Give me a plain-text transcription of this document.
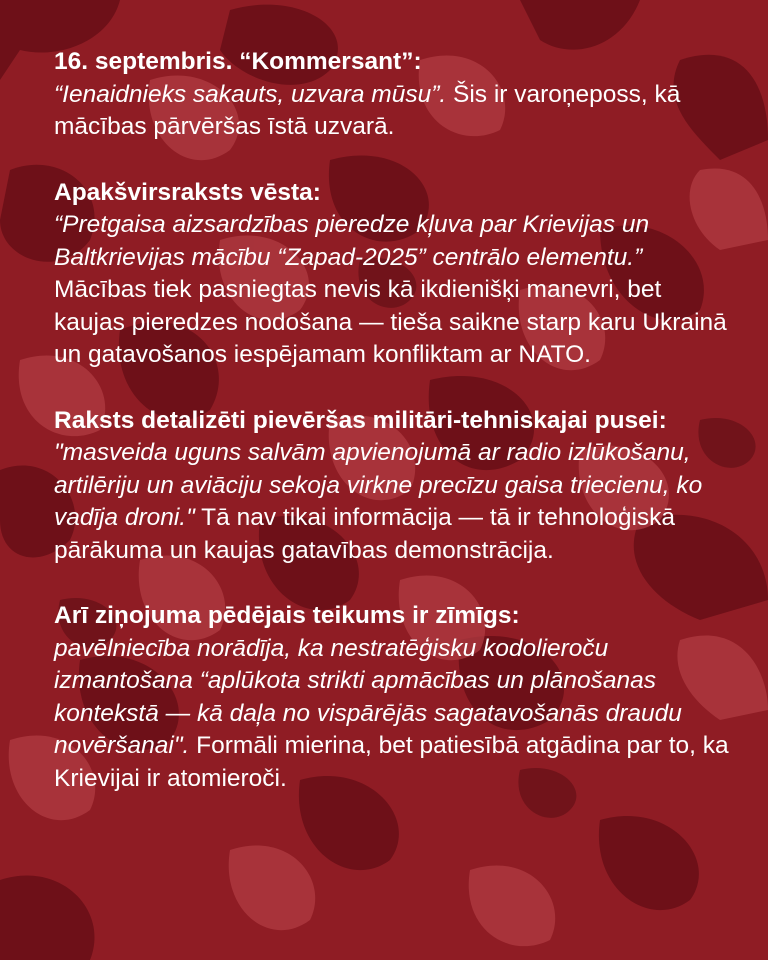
16. septembris. “Kommersant”:
“Ienaidnieks sakauts, uzvara mūsu”. Šis ir varoņeposs, kā mācības pārvēršas īstā uzvarā.

Apakšvirsraksts vēsta:
“Pretgaisa aizsardzības pieredze kļuva par Krievijas un Baltkrievijas mācību “Zapad-2025” centrālo elementu.” Mācības tiek pasniegtas nevis kā ikdienišķi manevri, bet kaujas pieredzes nodošana — tieša saikne starp karu Ukrainā un gatavošanos iespējamam konfliktam ar NATO.

Raksts detalizēti pievēršas militāri-tehniskajai pusei:
"masveida uguns salvām apvienojumā ar radio izlūkošanu, artilēriju un aviāciju sekoja virkne precīzu gaisa triecienu, ko vadīja droni." Tā nav tikai informācija — tā ir tehnoloģiskā pārākuma un kaujas gatavības demonstrācija.

Arī ziņojuma pēdējais teikums ir zīmīgs:
pavēlniecība norādīja, ka nestratēģisku kodolieroču izmantošana “aplūkota strikti apmācības un plānošanas kontekstā — kā daļa no vispārējās sagatavošanās draudu novēršanai". Formāli mierina, bet patiesībā atgādina par to, ka Krievijai ir atomieroči.
